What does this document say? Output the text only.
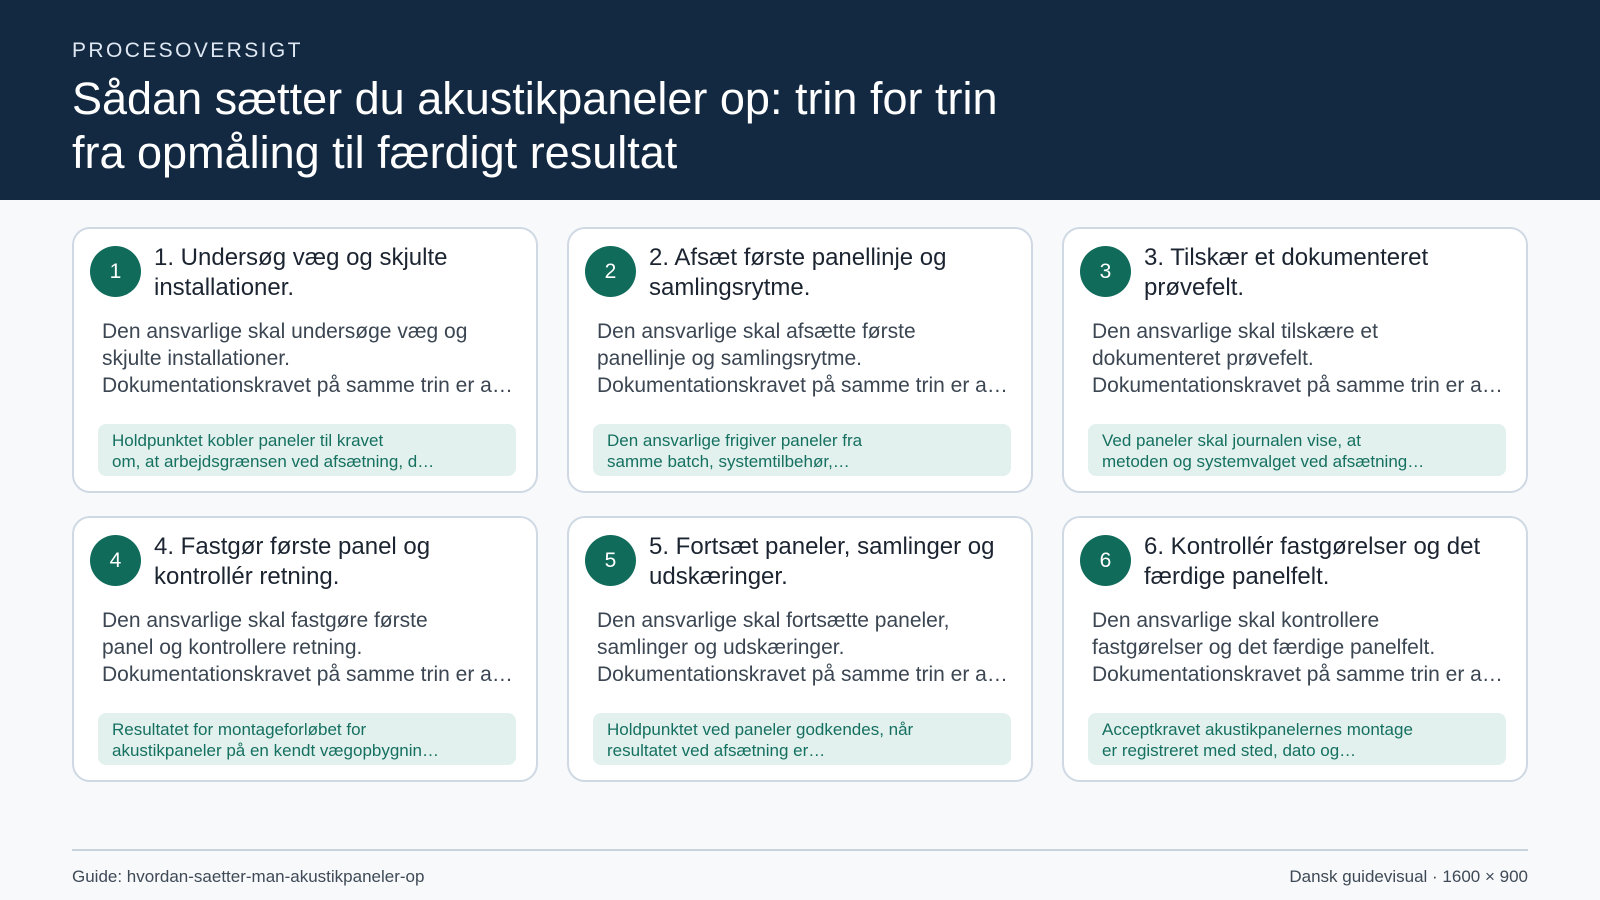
PROCESOVERSIGT
Sådan sætter du akustikpaneler op: trin for trin fra opmåling til færdigt resultat
1
1. Undersøg væg og skjulte installationer.
Den ansvarlige skal undersøge væg og
skjulte installationer.
Dokumentationskravet på samme trin er a…
Holdpunktet kobler paneler til kravet
om, at arbejdsgrænsen ved afsætning, d…
2
2. Afsæt første panellinje og samlingsrytme.
Den ansvarlige skal afsætte første
panellinje og samlingsrytme.
Dokumentationskravet på samme trin er a…
Den ansvarlige frigiver paneler fra
samme batch, systemtilbehør,…
3
3. Tilskær et dokumenteret prøvefelt.
Den ansvarlige skal tilskære et
dokumenteret prøvefelt.
Dokumentationskravet på samme trin er a…
Ved paneler skal journalen vise, at
metoden og systemvalget ved afsætning…
4
4. Fastgør første panel og kontrollér retning.
Den ansvarlige skal fastgøre første
panel og kontrollere retning.
Dokumentationskravet på samme trin er a…
Resultatet for montageforløbet for
akustikpaneler på en kendt vægopbygnin…
5
5. Fortsæt paneler, samlinger og udskæringer.
Den ansvarlige skal fortsætte paneler,
samlinger og udskæringer.
Dokumentationskravet på samme trin er a…
Holdpunktet ved paneler godkendes, når
resultatet ved afsætning er…
6
6. Kontrollér fastgørelser og det færdige panelfelt.
Den ansvarlige skal kontrollere
fastgørelser og det færdige panelfelt.
Dokumentationskravet på samme trin er a…
Acceptkravet akustikpanelernes montage
er registreret med sted, dato og…
Guide: hvordan-saetter-man-akustikpaneler-op	Dansk guidevisual · 1600 × 900
